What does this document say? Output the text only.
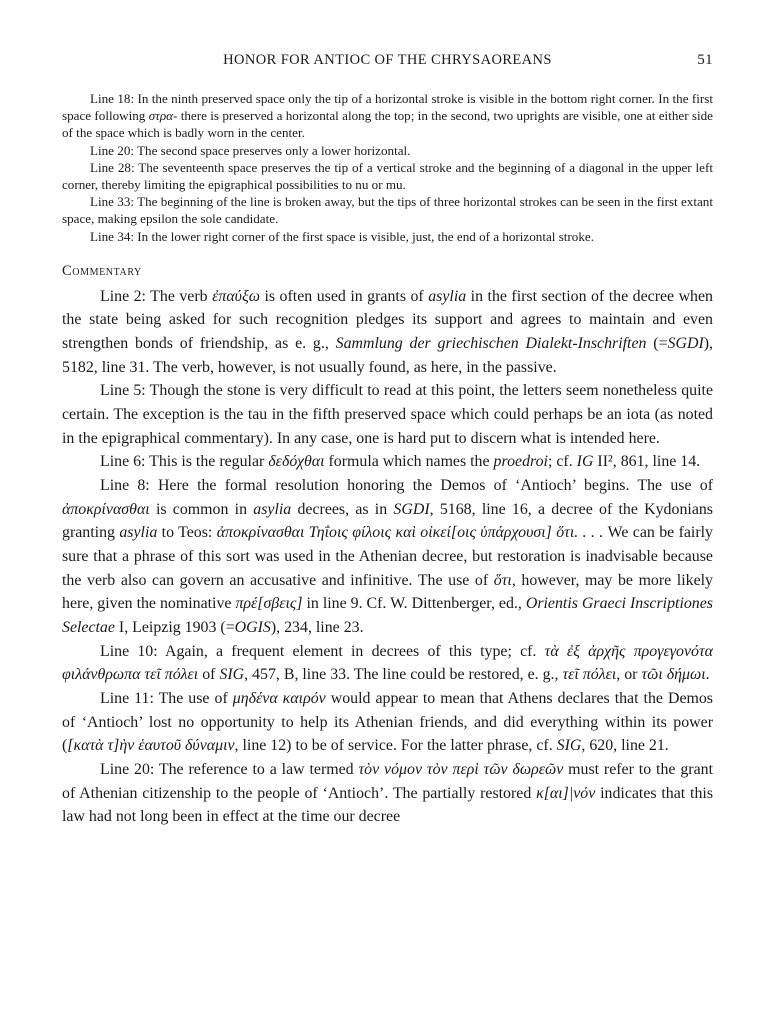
HONOR FOR ANTIOC OF THE CHRYSAOREANS	51

Line 18: In the ninth preserved space only the tip of a horizontal stroke is visible in the bottom right corner. In the first space following στρα- there is preserved a horizontal along the top; in the second, two uprights are visible, one at either side of the space which is badly worn in the center.

Line 20: The second space preserves only a lower horizontal.

Line 28: The seventeenth space preserves the tip of a vertical stroke and the beginning of a diagonal in the upper left corner, thereby limiting the epigraphical possibilities to nu or mu.

Line 33: The beginning of the line is broken away, but the tips of three horizontal strokes can be seen in the first extant space, making epsilon the sole candidate.

Line 34: In the lower right corner of the first space is visible, just, the end of a horizontal stroke.

Commentary

Line 2: The verb ἐπαύξω is often used in grants of asylia in the first section of the decree when the state being asked for such recognition pledges its support and agrees to maintain and even strengthen bonds of friendship, as e. g., Sammlung der griechischen Dialekt-Inschriften (=SGDI), 5182, line 31. The verb, however, is not usually found, as here, in the passive.

Line 5: Though the stone is very difficult to read at this point, the letters seem nonetheless quite certain. The exception is the tau in the fifth preserved space which could perhaps be an iota (as noted in the epigraphical commentary). In any case, one is hard put to discern what is intended here.

Line 6: This is the regular δεδόχθαι formula which names the proedroi; cf. IG II², 861, line 14.

Line 8: Here the formal resolution honoring the Demos of ‘Antioch’ begins. The use of ἀποκρίνασθαι is common in asylia decrees, as in SGDI, 5168, line 16, a decree of the Kydonians granting asylia to Teos: ἀποκρίνασθαι Τηΐοις φίλοις καὶ οἰκεί[οις ὑπάρχουσι] ὅτι. . . . We can be fairly sure that a phrase of this sort was used in the Athenian decree, but restoration is inadvisable because the verb also can govern an accusative and infinitive. The use of ὅτι, however, may be more likely here, given the nominative πρέ[σβεις] in line 9. Cf. W. Dittenberger, ed., Orientis Graeci Inscriptiones Selectae I, Leipzig 1903 (=OGIS), 234, line 23.

Line 10: Again, a frequent element in decrees of this type; cf. τὰ ἐξ ἀρχῆς προγεγονότα φιλάνθρωπα τεῖ πόλει of SIG, 457, B, line 33. The line could be restored, e. g., τεῖ πόλει, or τῶι δήμωι.

Line 11: The use of μηδένα καιρόν would appear to mean that Athens declares that the Demos of ‘Antioch’ lost no opportunity to help its Athenian friends, and did everything within its power ([κατὰ τ]ὴν ἑαυτοῦ δύναμιν, line 12) to be of service. For the latter phrase, cf. SIG, 620, line 21.

Line 20: The reference to a law termed τὸν νόμον τὸν περὶ τῶν δωρεῶν must refer to the grant of Athenian citizenship to the people of ‘Antioch’. The partially restored κ[αι]|νόν indicates that this law had not long been in effect at the time our decree
